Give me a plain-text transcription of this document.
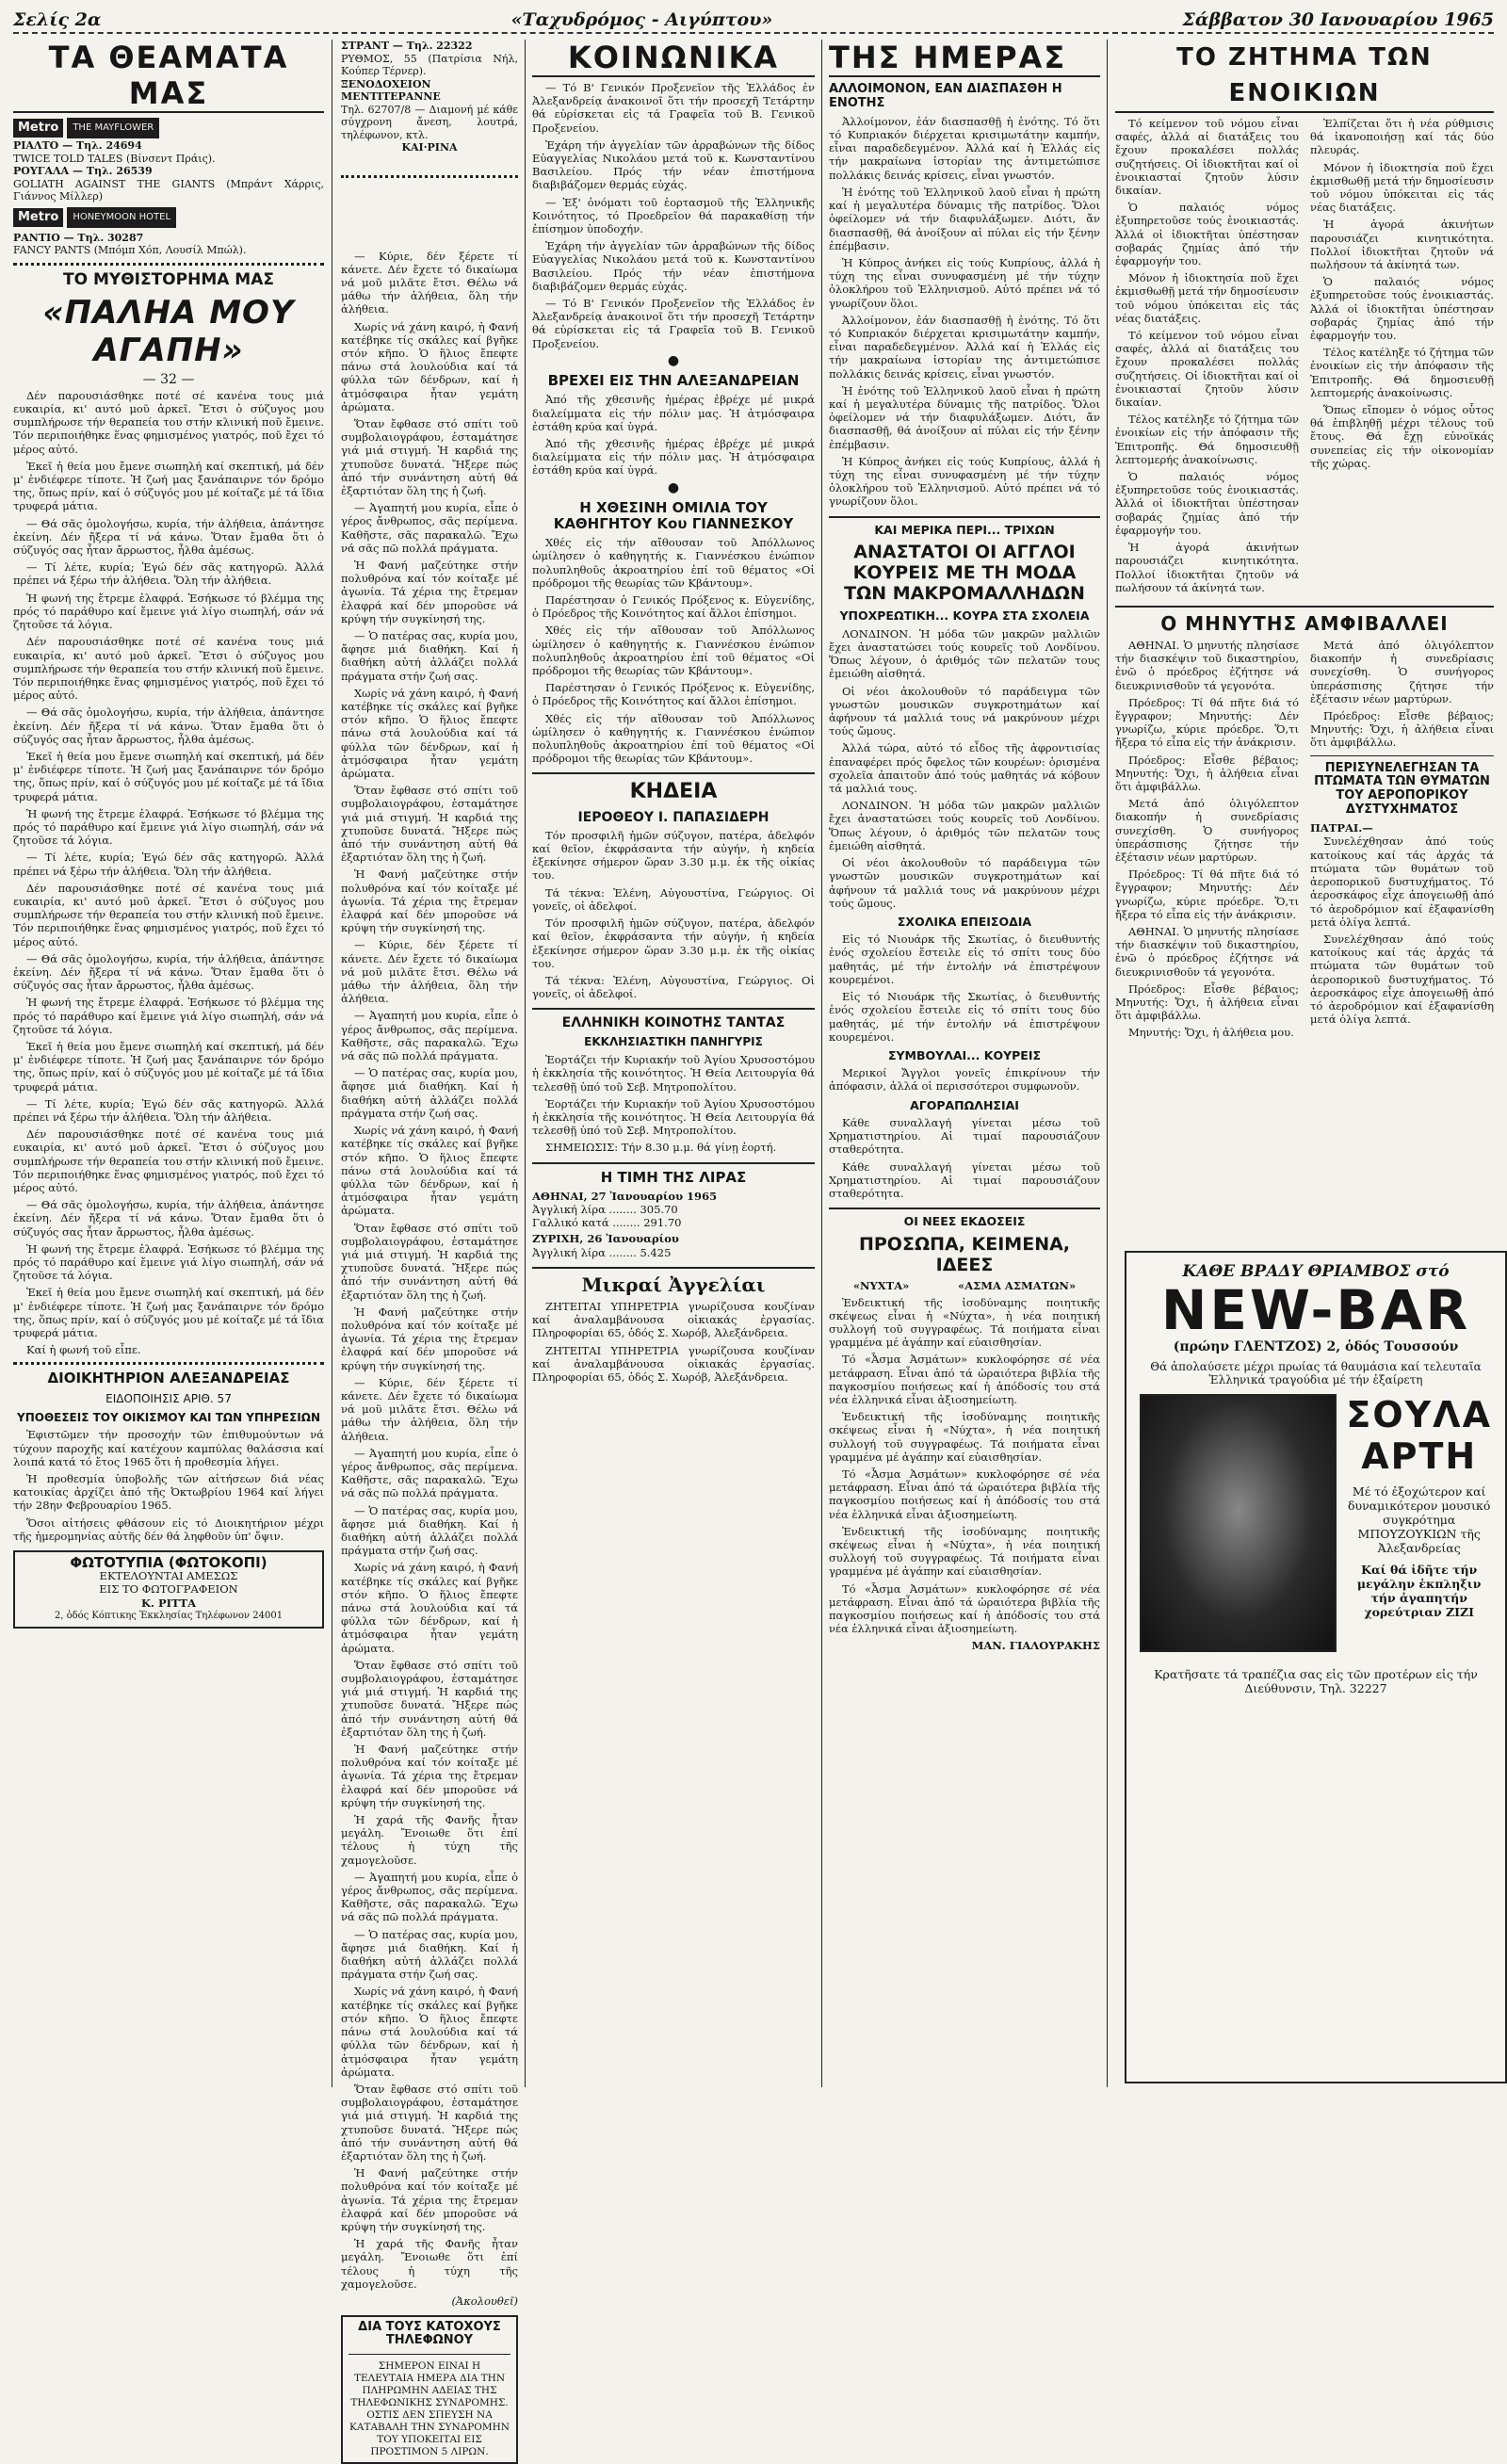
Σελίς 2α	«Ταχυδρόμος - Αιγύπτου»	Σάββατον 30 Ιανουαρίου 1965
ΤΑ ΘΕΑΜΑΤΑ ΜΑΣ
Metro	THE MAYFLOWER
ΡΙΑΛΤΟ — Τηλ. 24694
TWICE TOLD TALES (Βίνσεντ Πράις).
ΡΟΥΓΑΛΑ — Τηλ. 26539
GOLIATH AGAINST THE GIANTS (Μπράντ Χάρρις, Γιάννος Μίλλερ)
Metro	HONEYMOON HOTEL
ΡΑΝΤΙΟ — Τηλ. 30287
FANCY PANTS (Μπόμπ Χόπ, Λουσίλ Μπώλ).
ΤΟ ΜΥΘΙΣΤΟΡΗΜΑ ΜΑΣ
«ΠΑΛΗΑ ΜΟΥ ΑΓΑΠΗ»
— 32 —

Δέν παρουσιάσθηκε ποτέ σέ κανένα τους μιά ευκαιρία, κι' αυτό μοῦ ἀρκεῖ. Ἔτσι ὁ σύζυγος μου συμπλήρωσε τήν θεραπεία του στήν κλινική ποῦ ἔμεινε. Τόν περιποιήθηκε ἕνας φημισμένος γιατρός, ποῦ ἔχει τό μέρος αὐτό.

Ἐκεῖ ἡ θεία μου ἔμενε σιωπηλή καί σκεπτική, μά δέν μ' ἐνδιέφερε τίποτε. Ἡ ζωή μας ξανάπαιρνε τόν δρόμο της, ὅπως πρίν, καί ὁ σύζυγός μου μέ κοίταζε μέ τά ἴδια τρυφερά μάτια.

— Θά σᾶς ὁμολογήσω, κυρία, τήν ἀλήθεια, ἀπάντησε ἐκείνη. Δέν ἤξερα τί νά κάνω. Ὅταν ἔμαθα ὅτι ὁ σύζυγός σας ἦταν ἄρρωστος, ἦλθα ἀμέσως.

— Τί λέτε, κυρία; Ἐγώ δέν σᾶς κατηγορῶ. Ἀλλά πρέπει νά ξέρω τήν ἀλήθεια. Ὅλη τήν ἀλήθεια.

Ἡ φωνή της ἔτρεμε ἐλαφρά. Ἐσήκωσε τό βλέμμα της πρός τό παράθυρο καί ἔμεινε γιά λίγο σιωπηλή, σάν νά ζητοῦσε τά λόγια.

Δέν παρουσιάσθηκε ποτέ σέ κανένα τους μιά ευκαιρία, κι' αυτό μοῦ ἀρκεῖ. Ἔτσι ὁ σύζυγος μου συμπλήρωσε τήν θεραπεία του στήν κλινική ποῦ ἔμεινε. Τόν περιποιήθηκε ἕνας φημισμένος γιατρός, ποῦ ἔχει τό μέρος αὐτό.

— Θά σᾶς ὁμολογήσω, κυρία, τήν ἀλήθεια, ἀπάντησε ἐκείνη. Δέν ἤξερα τί νά κάνω. Ὅταν ἔμαθα ὅτι ὁ σύζυγός σας ἦταν ἄρρωστος, ἦλθα ἀμέσως.

Ἐκεῖ ἡ θεία μου ἔμενε σιωπηλή καί σκεπτική, μά δέν μ' ἐνδιέφερε τίποτε. Ἡ ζωή μας ξανάπαιρνε τόν δρόμο της, ὅπως πρίν, καί ὁ σύζυγός μου μέ κοίταζε μέ τά ἴδια τρυφερά μάτια.

Ἡ φωνή της ἔτρεμε ἐλαφρά. Ἐσήκωσε τό βλέμμα της πρός τό παράθυρο καί ἔμεινε γιά λίγο σιωπηλή, σάν νά ζητοῦσε τά λόγια.

— Τί λέτε, κυρία; Ἐγώ δέν σᾶς κατηγορῶ. Ἀλλά πρέπει νά ξέρω τήν ἀλήθεια. Ὅλη τήν ἀλήθεια.

Δέν παρουσιάσθηκε ποτέ σέ κανένα τους μιά ευκαιρία, κι' αυτό μοῦ ἀρκεῖ. Ἔτσι ὁ σύζυγος μου συμπλήρωσε τήν θεραπεία του στήν κλινική ποῦ ἔμεινε. Τόν περιποιήθηκε ἕνας φημισμένος γιατρός, ποῦ ἔχει τό μέρος αὐτό.

— Θά σᾶς ὁμολογήσω, κυρία, τήν ἀλήθεια, ἀπάντησε ἐκείνη. Δέν ἤξερα τί νά κάνω. Ὅταν ἔμαθα ὅτι ὁ σύζυγός σας ἦταν ἄρρωστος, ἦλθα ἀμέσως.

Ἡ φωνή της ἔτρεμε ἐλαφρά. Ἐσήκωσε τό βλέμμα της πρός τό παράθυρο καί ἔμεινε γιά λίγο σιωπηλή, σάν νά ζητοῦσε τά λόγια.

Ἐκεῖ ἡ θεία μου ἔμενε σιωπηλή καί σκεπτική, μά δέν μ' ἐνδιέφερε τίποτε. Ἡ ζωή μας ξανάπαιρνε τόν δρόμο της, ὅπως πρίν, καί ὁ σύζυγός μου μέ κοίταζε μέ τά ἴδια τρυφερά μάτια.

— Τί λέτε, κυρία; Ἐγώ δέν σᾶς κατηγορῶ. Ἀλλά πρέπει νά ξέρω τήν ἀλήθεια. Ὅλη τήν ἀλήθεια.

Δέν παρουσιάσθηκε ποτέ σέ κανένα τους μιά ευκαιρία, κι' αυτό μοῦ ἀρκεῖ. Ἔτσι ὁ σύζυγος μου συμπλήρωσε τήν θεραπεία του στήν κλινική ποῦ ἔμεινε. Τόν περιποιήθηκε ἕνας φημισμένος γιατρός, ποῦ ἔχει τό μέρος αὐτό.

— Θά σᾶς ὁμολογήσω, κυρία, τήν ἀλήθεια, ἀπάντησε ἐκείνη. Δέν ἤξερα τί νά κάνω. Ὅταν ἔμαθα ὅτι ὁ σύζυγός σας ἦταν ἄρρωστος, ἦλθα ἀμέσως.

Ἡ φωνή της ἔτρεμε ἐλαφρά. Ἐσήκωσε τό βλέμμα της πρός τό παράθυρο καί ἔμεινε γιά λίγο σιωπηλή, σάν νά ζητοῦσε τά λόγια.

Ἐκεῖ ἡ θεία μου ἔμενε σιωπηλή καί σκεπτική, μά δέν μ' ἐνδιέφερε τίποτε. Ἡ ζωή μας ξανάπαιρνε τόν δρόμο της, ὅπως πρίν, καί ὁ σύζυγός μου μέ κοίταζε μέ τά ἴδια τρυφερά μάτια.

Καί ἡ φωνή τοῦ εἶπε.

ΔΙΟΙΚΗΤΗΡΙΟΝ ΑΛΕΞΑΝΔΡΕΙΑΣ
ΕΙΔΟΠΟΙΗΣΙΣ ΑΡΙΘ. 57
ΥΠΟΘΕΣΕΙΣ ΤΟΥ ΟΙΚΙΣΜΟΥ ΚΑΙ ΤΩΝ ΥΠΗΡΕΣΙΩΝ

Ἐφιστῶμεν τήν προσοχήν τῶν ἐπιθυμούντων νά τύχουν παροχῆς καί κατέχουν καμπύλας θαλάσσια καί λοιπά κατά τό ἔτος 1965 ὅτι ἡ προθεσμία λήγει.

Ἡ προθεσμία ὑποβολῆς τῶν αἰτήσεων διά νέας κατοικίας ἀρχίζει ἀπό τῆς Ὀκτωβρίου 1964 καί λήγει τήν 28ην Φεβρουαρίου 1965.

Ὅσοι αἰτήσεις φθάσουν εἰς τό Διοικητήριον μέχρι τῆς ἡμερομηνίας αὐτῆς δέν θά ληφθοῦν ὑπ' ὄψιν.

ΦΩΤΟΤΥΠΙΑ (ΦΩΤΟΚΟΠΙ)
ΕΚΤΕΛΟΥΝΤΑΙ ΑΜΕΣΩΣ
ΕΙΣ ΤΟ ΦΩΤΟΓΡΑΦΕΙΟΝ
Κ. ΡΙΤΤΑ
2, ὁδός Κόπτικης Ἐκκλησίας Τηλέφωνον 24001
ΣΤΡΑΝΤ — Τηλ. 22322
ΡΥΘΜΟΣ, 55 (Πατρίσια Νήλ, Κούπερ Τέρνερ).
ΞΕΝΟΔΟΧΕΙΟΝ ΜΕΝΤΙΤΕΡΑΝΝΕ
Τηλ. 62707/8 — Διαμονή μέ κάθε σύγχρονη ἄνεση, λουτρά, τηλέφωνον, κτλ.
ΚΑΙ·ΡΙΝΑ

— Κύριε, δέν ξέρετε τί κάνετε. Δέν ἔχετε τό δικαίωμα νά μοῦ μιλᾶτε ἔτσι. Θέλω νά μάθω τήν ἀλήθεια, ὅλη τήν ἀλήθεια.

Χωρίς νά χάνη καιρό, ἡ Φανή κατέβηκε τίς σκάλες καί βγῆκε στόν κῆπο. Ὁ ἥλιος ἔπεφτε πάνω στά λουλούδια καί τά φύλλα τῶν δένδρων, καί ἡ ἀτμόσφαιρα ἦταν γεμάτη ἀρώματα.

Ὅταν ἔφθασε στό σπίτι τοῦ συμβολαιογράφου, ἐσταμάτησε γιά μιά στιγμή. Ἡ καρδιά της χτυποῦσε δυνατά. Ἤξερε πώς ἀπό τήν συνάντηση αὐτή θά ἐξαρτιόταν ὅλη της ἡ ζωή.

— Ἀγαπητή μου κυρία, εἶπε ὁ γέρος ἄνθρωπος, σᾶς περίμενα. Καθῆστε, σᾶς παρακαλῶ. Ἔχω νά σᾶς πῶ πολλά πράγματα.

Ἡ Φανή μαζεύτηκε στήν πολυθρόνα καί τόν κοίταξε μέ ἀγωνία. Τά χέρια της ἔτρεμαν ἐλαφρά καί δέν μποροῦσε νά κρύψη τήν συγκίνησή της.

— Ὁ πατέρας σας, κυρία μου, ἄφησε μιά διαθήκη. Καί ἡ διαθήκη αὐτή ἀλλάζει πολλά πράγματα στήν ζωή σας.

Χωρίς νά χάνη καιρό, ἡ Φανή κατέβηκε τίς σκάλες καί βγῆκε στόν κῆπο. Ὁ ἥλιος ἔπεφτε πάνω στά λουλούδια καί τά φύλλα τῶν δένδρων, καί ἡ ἀτμόσφαιρα ἦταν γεμάτη ἀρώματα.

Ὅταν ἔφθασε στό σπίτι τοῦ συμβολαιογράφου, ἐσταμάτησε γιά μιά στιγμή. Ἡ καρδιά της χτυποῦσε δυνατά. Ἤξερε πώς ἀπό τήν συνάντηση αὐτή θά ἐξαρτιόταν ὅλη της ἡ ζωή.

Ἡ Φανή μαζεύτηκε στήν πολυθρόνα καί τόν κοίταξε μέ ἀγωνία. Τά χέρια της ἔτρεμαν ἐλαφρά καί δέν μποροῦσε νά κρύψη τήν συγκίνησή της.

— Κύριε, δέν ξέρετε τί κάνετε. Δέν ἔχετε τό δικαίωμα νά μοῦ μιλᾶτε ἔτσι. Θέλω νά μάθω τήν ἀλήθεια, ὅλη τήν ἀλήθεια.

— Ἀγαπητή μου κυρία, εἶπε ὁ γέρος ἄνθρωπος, σᾶς περίμενα. Καθῆστε, σᾶς παρακαλῶ. Ἔχω νά σᾶς πῶ πολλά πράγματα.

— Ὁ πατέρας σας, κυρία μου, ἄφησε μιά διαθήκη. Καί ἡ διαθήκη αὐτή ἀλλάζει πολλά πράγματα στήν ζωή σας.

Χωρίς νά χάνη καιρό, ἡ Φανή κατέβηκε τίς σκάλες καί βγῆκε στόν κῆπο. Ὁ ἥλιος ἔπεφτε πάνω στά λουλούδια καί τά φύλλα τῶν δένδρων, καί ἡ ἀτμόσφαιρα ἦταν γεμάτη ἀρώματα.

Ὅταν ἔφθασε στό σπίτι τοῦ συμβολαιογράφου, ἐσταμάτησε γιά μιά στιγμή. Ἡ καρδιά της χτυποῦσε δυνατά. Ἤξερε πώς ἀπό τήν συνάντηση αὐτή θά ἐξαρτιόταν ὅλη της ἡ ζωή.

Ἡ Φανή μαζεύτηκε στήν πολυθρόνα καί τόν κοίταξε μέ ἀγωνία. Τά χέρια της ἔτρεμαν ἐλαφρά καί δέν μποροῦσε νά κρύψη τήν συγκίνησή της.

— Κύριε, δέν ξέρετε τί κάνετε. Δέν ἔχετε τό δικαίωμα νά μοῦ μιλᾶτε ἔτσι. Θέλω νά μάθω τήν ἀλήθεια, ὅλη τήν ἀλήθεια.

— Ἀγαπητή μου κυρία, εἶπε ὁ γέρος ἄνθρωπος, σᾶς περίμενα. Καθῆστε, σᾶς παρακαλῶ. Ἔχω νά σᾶς πῶ πολλά πράγματα.

— Ὁ πατέρας σας, κυρία μου, ἄφησε μιά διαθήκη. Καί ἡ διαθήκη αὐτή ἀλλάζει πολλά πράγματα στήν ζωή σας.

Χωρίς νά χάνη καιρό, ἡ Φανή κατέβηκε τίς σκάλες καί βγῆκε στόν κῆπο. Ὁ ἥλιος ἔπεφτε πάνω στά λουλούδια καί τά φύλλα τῶν δένδρων, καί ἡ ἀτμόσφαιρα ἦταν γεμάτη ἀρώματα.

Ὅταν ἔφθασε στό σπίτι τοῦ συμβολαιογράφου, ἐσταμάτησε γιά μιά στιγμή. Ἡ καρδιά της χτυποῦσε δυνατά. Ἤξερε πώς ἀπό τήν συνάντηση αὐτή θά ἐξαρτιόταν ὅλη της ἡ ζωή.

Ἡ Φανή μαζεύτηκε στήν πολυθρόνα καί τόν κοίταξε μέ ἀγωνία. Τά χέρια της ἔτρεμαν ἐλαφρά καί δέν μποροῦσε νά κρύψη τήν συγκίνησή της.

Ἡ χαρά τῆς Φανῆς ἦταν μεγάλη. Ἔνοιωθε ὅτι ἐπί τέλους ἡ τύχη τῆς χαμογελοῦσε.

— Ἀγαπητή μου κυρία, εἶπε ὁ γέρος ἄνθρωπος, σᾶς περίμενα. Καθῆστε, σᾶς παρακαλῶ. Ἔχω νά σᾶς πῶ πολλά πράγματα.

— Ὁ πατέρας σας, κυρία μου, ἄφησε μιά διαθήκη. Καί ἡ διαθήκη αὐτή ἀλλάζει πολλά πράγματα στήν ζωή σας.

Χωρίς νά χάνη καιρό, ἡ Φανή κατέβηκε τίς σκάλες καί βγῆκε στόν κῆπο. Ὁ ἥλιος ἔπεφτε πάνω στά λουλούδια καί τά φύλλα τῶν δένδρων, καί ἡ ἀτμόσφαιρα ἦταν γεμάτη ἀρώματα.

Ὅταν ἔφθασε στό σπίτι τοῦ συμβολαιογράφου, ἐσταμάτησε γιά μιά στιγμή. Ἡ καρδιά της χτυποῦσε δυνατά. Ἤξερε πώς ἀπό τήν συνάντηση αὐτή θά ἐξαρτιόταν ὅλη της ἡ ζωή.

Ἡ Φανή μαζεύτηκε στήν πολυθρόνα καί τόν κοίταξε μέ ἀγωνία. Τά χέρια της ἔτρεμαν ἐλαφρά καί δέν μποροῦσε νά κρύψη τήν συγκίνησή της.

Ἡ χαρά τῆς Φανῆς ἦταν μεγάλη. Ἔνοιωθε ὅτι ἐπί τέλους ἡ τύχη τῆς χαμογελοῦσε.

(Ἀκολουθεῖ)
ΔΙΑ ΤΟΥΣ ΚΑΤΟΧΟΥΣ ΤΗΛΕΦΩΝΟΥ
ΣΗΜΕΡΟΝ ΕΙΝΑΙ Η ΤΕΛΕΥΤΑΙΑ ΗΜΕΡΑ ΔΙΑ ΤΗΝ ΠΛΗΡΩΜΗΝ ΑΔΕΙΑΣ ΤΗΣ ΤΗΛΕΦΩΝΙΚΗΣ ΣΥΝΔΡΟΜΗΣ. ΟΣΤΙΣ ΔΕΝ ΣΠΕΥΣΗ ΝΑ ΚΑΤΑΒΑΛΗ ΤΗΝ ΣΥΝΔΡΟΜΗΝ ΤΟΥ ΥΠΟΚΕΙΤΑΙ ΕΙΣ ΠΡΟΣΤΙΜΟΝ 5 ΛΙΡΩΝ.
ΚΟΙΝΩΝΙΚΑ

— Τό Β' Γενικόν Προξενεῖον τῆς Ἑλλάδος ἐν Ἀλεξανδρείᾳ ἀνακοινοῖ ὅτι τήν προσεχῆ Τετάρτην θά εὑρίσκεται εἰς τά Γραφεῖα τοῦ Β. Γενικοῦ Προξενείου.

Ἐχάρη τήν ἀγγελίαν τῶν ἀρραβώνων τῆς δίδος Εὐαγγελίας Νικολάου μετά τοῦ κ. Κωνσταντίνου Βασιλείου. Πρός τήν νέαν ἐπιστήμονα διαβιβάζομεν θερμάς εὐχάς.

— Ἐξ' ὀνόματι τοῦ ἑορτασμοῦ τῆς Ἑλληνικῆς Κοινότητος, τό Προεδρεῖον θά παρακαθίσῃ τήν ἐπίσημον ὑποδοχήν.

Ἐχάρη τήν ἀγγελίαν τῶν ἀρραβώνων τῆς δίδος Εὐαγγελίας Νικολάου μετά τοῦ κ. Κωνσταντίνου Βασιλείου. Πρός τήν νέαν ἐπιστήμονα διαβιβάζομεν θερμάς εὐχάς.

— Τό Β' Γενικόν Προξενεῖον τῆς Ἑλλάδος ἐν Ἀλεξανδρείᾳ ἀνακοινοῖ ὅτι τήν προσεχῆ Τετάρτην θά εὑρίσκεται εἰς τά Γραφεῖα τοῦ Β. Γενικοῦ Προξενείου.

●
ΒΡΕΧΕΙ ΕΙΣ ΤΗΝ ΑΛΕΞΑΝΔΡΕΙΑΝ

Ἀπό τῆς χθεσινῆς ἡμέρας ἐβρέχε μέ μικρά διαλείμματα εἰς τήν πόλιν μας. Ἡ ἀτμόσφαιρα ἐστάθη κρύα καί ὑγρά.

Ἀπό τῆς χθεσινῆς ἡμέρας ἐβρέχε μέ μικρά διαλείμματα εἰς τήν πόλιν μας. Ἡ ἀτμόσφαιρα ἐστάθη κρύα καί ὑγρά.

●
Η ΧΘΕΣΙΝΗ ΟΜΙΛΙΑ ΤΟΥ ΚΑΘΗΓΗΤΟΥ Κου ΓΙΑΝΝΕΣΚΟΥ

Χθές εἰς τήν αἴθουσαν τοῦ Ἀπόλλωνος ὡμίλησεν ὁ καθηγητής κ. Γιαννέσκου ἐνώπιον πολυπληθοῦς ἀκροατηρίου ἐπί τοῦ θέματος «Οἱ πρόδρομοι τῆς θεωρίας τῶν Κβάντουμ».

Παρέστησαν ὁ Γενικός Πρόξενος κ. Εὐγενίδης, ὁ Πρόεδρος τῆς Κοινότητος καί ἄλλοι ἐπίσημοι.

Χθές εἰς τήν αἴθουσαν τοῦ Ἀπόλλωνος ὡμίλησεν ὁ καθηγητής κ. Γιαννέσκου ἐνώπιον πολυπληθοῦς ἀκροατηρίου ἐπί τοῦ θέματος «Οἱ πρόδρομοι τῆς θεωρίας τῶν Κβάντουμ».

Παρέστησαν ὁ Γενικός Πρόξενος κ. Εὐγενίδης, ὁ Πρόεδρος τῆς Κοινότητος καί ἄλλοι ἐπίσημοι.

Χθές εἰς τήν αἴθουσαν τοῦ Ἀπόλλωνος ὡμίλησεν ὁ καθηγητής κ. Γιαννέσκου ἐνώπιον πολυπληθοῦς ἀκροατηρίου ἐπί τοῦ θέματος «Οἱ πρόδρομοι τῆς θεωρίας τῶν Κβάντουμ».

ΚΗΔΕΙΑ
ΙΕΡΟΘΕΟΥ Ι. ΠΑΠΑΣΙΔΕΡΗ

Τόν προσφιλῆ ἡμῶν σύζυγον, πατέρα, ἀδελφόν καί θεῖον, ἐκφράσαντα τήν αὐγήν, ἡ κηδεία ἐξεκίνησε σήμερον ὥραν 3.30 μ.μ. ἐκ τῆς οἰκίας του.

Τά τέκνα: Ἑλένη, Αὐγουστίνα, Γεώργιος. Οἱ γονεῖς, οἱ ἀδελφοί.

Τόν προσφιλῆ ἡμῶν σύζυγον, πατέρα, ἀδελφόν καί θεῖον, ἐκφράσαντα τήν αὐγήν, ἡ κηδεία ἐξεκίνησε σήμερον ὥραν 3.30 μ.μ. ἐκ τῆς οἰκίας του.

Τά τέκνα: Ἑλένη, Αὐγουστίνα, Γεώργιος. Οἱ γονεῖς, οἱ ἀδελφοί.

ΕΛΛΗΝΙΚΗ ΚΟΙΝΟΤΗΣ ΤΑΝΤΑΣ
ΕΚΚΛΗΣΙΑΣΤΙΚΗ ΠΑΝΗΓΥΡΙΣ

Ἐορτάζει τήν Κυριακήν τοῦ Ἀγίου Χρυσοστόμου ἡ ἐκκλησία τῆς κοινότητος. Ἡ Θεία Λειτουργία θά τελεσθῇ ὑπό τοῦ Σεβ. Μητροπολίτου.

Ἐορτάζει τήν Κυριακήν τοῦ Ἀγίου Χρυσοστόμου ἡ ἐκκλησία τῆς κοινότητος. Ἡ Θεία Λειτουργία θά τελεσθῇ ὑπό τοῦ Σεβ. Μητροπολίτου.

ΣΗΜΕΙΩΣΙΣ: Τήν 8.30 μ.μ. θά γίνῃ ἑορτή.

Η ΤΙΜΗ ΤΗΣ ΛΙΡΑΣ
ΑΘΗΝΑΙ, 27 Ἰανουαρίου 1965
Ἀγγλική λίρα ........ 305.70
Γαλλικό κατά ........ 291.70
ΖΥΡΙΧΗ, 26 Ἰανουαρίου
Ἀγγλική λίρα ........ 5.425
Μικραί Ἀγγελίαι

ΖΗΤΕΙΤΑΙ ΥΠΗΡΕΤΡΙΑ γνωρίζουσα κουζίναν καί ἀναλαμβάνουσα οἰκιακάς ἐργασίας. Πληροφορίαι 65, ὁδός Σ. Χωρόβ, Ἀλεξάνδρεια.

ΖΗΤΕΙΤΑΙ ΥΠΗΡΕΤΡΙΑ γνωρίζουσα κουζίναν καί ἀναλαμβάνουσα οἰκιακάς ἐργασίας. Πληροφορίαι 65, ὁδός Σ. Χωρόβ, Ἀλεξάνδρεια.

ΤΗΣ ΗΜΕΡΑΣ
ΑΛΛΟΙΜΟΝΟΝ, ΕΑΝ ΔΙΑΣΠΑΣΘΗ Η ΕΝΟΤΗΣ

Ἀλλοίμονον, ἐάν διασπασθῇ ἡ ἑνότης. Τό ὅτι τό Κυπριακόν διέρχεται κρισιμωτάτην καμπήν, εἶναι παραδεδεγμένον. Ἀλλά καί ἡ Ἑλλάς εἰς τήν μακραίωνα ἱστορίαν της ἀντιμετώπισε πολλάκις δεινάς κρίσεις, εἶναι γνωστόν.

Ἡ ἑνότης τοῦ Ἑλληνικοῦ λαοῦ εἶναι ἡ πρώτη καί ἡ μεγαλυτέρα δύναμις τῆς πατρίδος. Ὅλοι ὁφείλομεν νά τήν διαφυλάξωμεν. Διότι, ἄν διασπασθῇ, θά ἀνοίξουν αἱ πύλαι εἰς τήν ξένην ἐπέμβασιν.

Ἡ Κύπρος ἀνήκει εἰς τούς Κυπρίους, ἀλλά ἡ τύχη της εἶναι συνυφασμένη μέ τήν τύχην ὁλοκλήρου τοῦ Ἑλληνισμοῦ. Αὐτό πρέπει νά τό γνωρίζουν ὅλοι.

Ἀλλοίμονον, ἐάν διασπασθῇ ἡ ἑνότης. Τό ὅτι τό Κυπριακόν διέρχεται κρισιμωτάτην καμπήν, εἶναι παραδεδεγμένον. Ἀλλά καί ἡ Ἑλλάς εἰς τήν μακραίωνα ἱστορίαν της ἀντιμετώπισε πολλάκις δεινάς κρίσεις, εἶναι γνωστόν.

Ἡ ἑνότης τοῦ Ἑλληνικοῦ λαοῦ εἶναι ἡ πρώτη καί ἡ μεγαλυτέρα δύναμις τῆς πατρίδος. Ὅλοι ὁφείλομεν νά τήν διαφυλάξωμεν. Διότι, ἄν διασπασθῇ, θά ἀνοίξουν αἱ πύλαι εἰς τήν ξένην ἐπέμβασιν.

Ἡ Κύπρος ἀνήκει εἰς τούς Κυπρίους, ἀλλά ἡ τύχη της εἶναι συνυφασμένη μέ τήν τύχην ὁλοκλήρου τοῦ Ἑλληνισμοῦ. Αὐτό πρέπει νά τό γνωρίζουν ὅλοι.

ΚΑΙ ΜΕΡΙΚΑ ΠΕΡΙ... ΤΡΙΧΩΝ
ΑΝΑΣΤΑΤΟΙ ΟΙ ΑΓΓΛΟΙ ΚΟΥΡΕΙΣ ΜΕ ΤΗ ΜΟΔΑ ΤΩΝ ΜΑΚΡΟΜΑΛΛΗΔΩΝ
ΥΠΟΧΡΕΩΤΙΚΗ... ΚΟΥΡΑ ΣΤΑ ΣΧΟΛΕΙΑ

ΛΟΝΔΙΝΟΝ. Ἡ μόδα τῶν μακρῶν μαλλιῶν ἔχει ἀναστατώσει τούς κουρεῖς τοῦ Λονδίνου. Ὅπως λέγουν, ὁ ἀριθμός τῶν πελατῶν τους ἐμειώθη αἰσθητά.

Οἱ νέοι ἀκολουθοῦν τό παράδειγμα τῶν γνωστῶν μουσικῶν συγκροτημάτων καί ἀφήνουν τά μαλλιά τους νά μακρύνουν μέχρι τούς ὤμους.

Ἀλλά τώρα, αὐτό τό εἶδος τῆς ἀφροντισίας ἐπαναφέρει πρός ὄφελος τῶν κουρέων: ὁρισμένα σχολεῖα ἀπαιτοῦν ἀπό τούς μαθητάς νά κόβουν τά μαλλιά τους.

ΛΟΝΔΙΝΟΝ. Ἡ μόδα τῶν μακρῶν μαλλιῶν ἔχει ἀναστατώσει τούς κουρεῖς τοῦ Λονδίνου. Ὅπως λέγουν, ὁ ἀριθμός τῶν πελατῶν τους ἐμειώθη αἰσθητά.

Οἱ νέοι ἀκολουθοῦν τό παράδειγμα τῶν γνωστῶν μουσικῶν συγκροτημάτων καί ἀφήνουν τά μαλλιά τους νά μακρύνουν μέχρι τούς ὤμους.

ΣΧΟΛΙΚΑ ΕΠΕΙΣΟΔΙΑ

Εἰς τό Νιουάρκ τῆς Σκωτίας, ὁ διευθυντής ἑνός σχολείου ἔστειλε εἰς τό σπίτι τους δύο μαθητάς, μέ τήν ἐντολήν νά ἐπιστρέψουν κουρεμένοι.

Εἰς τό Νιουάρκ τῆς Σκωτίας, ὁ διευθυντής ἑνός σχολείου ἔστειλε εἰς τό σπίτι τους δύο μαθητάς, μέ τήν ἐντολήν νά ἐπιστρέψουν κουρεμένοι.

ΣΥΜΒΟΥΛΑΙ... ΚΟΥΡΕΙΣ

Μερικοί Ἄγγλοι γονεῖς ἐπικρίνουν τήν ἀπόφασιν, ἀλλά οἱ περισσότεροι συμφωνοῦν.

ΑΓΟΡΑΠΩΛΗΣΙΑΙ

Κάθε συναλλαγή γίνεται μέσω τοῦ Χρηματιστηρίου. Αἱ τιμαί παρουσιάζουν σταθερότητα.

Κάθε συναλλαγή γίνεται μέσω τοῦ Χρηματιστηρίου. Αἱ τιμαί παρουσιάζουν σταθερότητα.

ΟΙ ΝΕΕΣ ΕΚΔΟΣΕΙΣ
ΠΡΟΣΩΠΑ, ΚΕΙΜΕΝΑ, ΙΔΕΕΣ
«ΝΥΧΤΑ»	«ΑΣΜΑ ΑΣΜΑΤΩΝ»

Ἐνδεικτική τῆς ἰσοδύναμης ποιητικῆς σκέψεως εἶναι ἡ «Νύχτα», ἡ νέα ποιητική συλλογή τοῦ συγγραφέως. Τά ποιήματα εἶναι γραμμένα μέ ἀγάπην καί εὐαισθησίαν.

Τό «Ἆσμα Ἀσμάτων» κυκλοφόρησε σέ νέα μετάφραση. Εἶναι ἀπό τά ὡραιότερα βιβλία τῆς παγκοσμίου ποιήσεως καί ἡ ἀπόδοσίς του στά νέα ἑλληνικά εἶναι ἀξιοσημείωτη.

Ἐνδεικτική τῆς ἰσοδύναμης ποιητικῆς σκέψεως εἶναι ἡ «Νύχτα», ἡ νέα ποιητική συλλογή τοῦ συγγραφέως. Τά ποιήματα εἶναι γραμμένα μέ ἀγάπην καί εὐαισθησίαν.

Τό «Ἆσμα Ἀσμάτων» κυκλοφόρησε σέ νέα μετάφραση. Εἶναι ἀπό τά ὡραιότερα βιβλία τῆς παγκοσμίου ποιήσεως καί ἡ ἀπόδοσίς του στά νέα ἑλληνικά εἶναι ἀξιοσημείωτη.

Ἐνδεικτική τῆς ἰσοδύναμης ποιητικῆς σκέψεως εἶναι ἡ «Νύχτα», ἡ νέα ποιητική συλλογή τοῦ συγγραφέως. Τά ποιήματα εἶναι γραμμένα μέ ἀγάπην καί εὐαισθησίαν.

Τό «Ἆσμα Ἀσμάτων» κυκλοφόρησε σέ νέα μετάφραση. Εἶναι ἀπό τά ὡραιότερα βιβλία τῆς παγκοσμίου ποιήσεως καί ἡ ἀπόδοσίς του στά νέα ἑλληνικά εἶναι ἀξιοσημείωτη.

ΜΑΝ. ΓΙΑΛΟΥΡΑΚΗΣ
ΤΟ ΖΗΤΗΜΑ ΤΩΝ ΕΝΟΙΚΙΩΝ

Τό κείμενον τοῦ νόμου εἶναι σαφές, ἀλλά αἱ διατάξεις του ἔχουν προκαλέσει πολλάς συζητήσεις. Οἱ ἰδιοκτῆται καί οἱ ἐνοικιασταί ζητοῦν λύσιν δικαίαν.

Ὁ παλαιός νόμος ἐξυπηρετοῦσε τούς ἐνοικιαστάς. Ἀλλά οἱ ἰδιοκτῆται ὑπέστησαν σοβαράς ζημίας ἀπό τήν ἐφαρμογήν του.

Μόνον ἡ ἰδιοκτησία ποῦ ἔχει ἐκμισθωθῇ μετά τήν δημοσίευσιν τοῦ νόμου ὑπόκειται εἰς τάς νέας διατάξεις.

Τό κείμενον τοῦ νόμου εἶναι σαφές, ἀλλά αἱ διατάξεις του ἔχουν προκαλέσει πολλάς συζητήσεις. Οἱ ἰδιοκτῆται καί οἱ ἐνοικιασταί ζητοῦν λύσιν δικαίαν.

Τέλος κατέληξε τό ζήτημα τῶν ἐνοικίων εἰς τήν ἀπόφασιν τῆς Ἐπιτροπῆς. Θά δημοσιευθῇ λεπτομερής ἀνακοίνωσις.

Ὁ παλαιός νόμος ἐξυπηρετοῦσε τούς ἐνοικιαστάς. Ἀλλά οἱ ἰδιοκτῆται ὑπέστησαν σοβαράς ζημίας ἀπό τήν ἐφαρμογήν του.

Ἡ ἀγορά ἀκινήτων παρουσιάζει κινητικότητα. Πολλοί ἰδιοκτῆται ζητοῦν νά πωλήσουν τά ἀκίνητά των.

Ἐλπίζεται ὅτι ἡ νέα ρύθμισις θά ἱκανοποιήσῃ καί τάς δύο πλευράς.

Μόνον ἡ ἰδιοκτησία ποῦ ἔχει ἐκμισθωθῇ μετά τήν δημοσίευσιν τοῦ νόμου ὑπόκειται εἰς τάς νέας διατάξεις.

Ἡ ἀγορά ἀκινήτων παρουσιάζει κινητικότητα. Πολλοί ἰδιοκτῆται ζητοῦν νά πωλήσουν τά ἀκίνητά των.

Ὁ παλαιός νόμος ἐξυπηρετοῦσε τούς ἐνοικιαστάς. Ἀλλά οἱ ἰδιοκτῆται ὑπέστησαν σοβαράς ζημίας ἀπό τήν ἐφαρμογήν του.

Τέλος κατέληξε τό ζήτημα τῶν ἐνοικίων εἰς τήν ἀπόφασιν τῆς Ἐπιτροπῆς. Θά δημοσιευθῇ λεπτομερής ἀνακοίνωσις.

Ὅπως εἴπομεν ὁ νόμος οὗτος θά ἐπιβληθῇ μέχρι τέλους τοῦ ἔτους. Θά ἔχῃ εὐνοϊκάς συνεπείας εἰς τήν οἰκονομίαν τῆς χώρας.

Ο ΜΗΝΥΤΗΣ ΑΜΦΙΒΑΛΛΕΙ

ΑΘΗΝΑΙ. Ὁ μηνυτής πλησίασε τήν διασκέψιν τοῦ δικαστηρίου, ἐνῶ ὁ πρόεδρος ἐζήτησε νά διευκρινισθοῦν τά γεγονότα.

Πρόεδρος: Τί θά πῆτε διά τό ἔγγραφον; Μηνυτής: Δέν γνωρίζω, κύριε πρόεδρε. Ὅ,τι ἤξερα τό εἶπα εἰς τήν ἀνάκρισιν.

Πρόεδρος: Εἶσθε βέβαιος; Μηνυτής: Ὄχι, ἡ ἀλήθεια εἶναι ὅτι ἀμφιβάλλω.

Μετά ἀπό ὁλιγόλεπτον διακοπήν ἡ συνεδρίασις συνεχίσθη. Ὁ συνήγορος ὑπεράσπισης ζήτησε τήν ἐξέτασιν νέων μαρτύρων.

Πρόεδρος: Τί θά πῆτε διά τό ἔγγραφον; Μηνυτής: Δέν γνωρίζω, κύριε πρόεδρε. Ὅ,τι ἤξερα τό εἶπα εἰς τήν ἀνάκρισιν.

ΑΘΗΝΑΙ. Ὁ μηνυτής πλησίασε τήν διασκέψιν τοῦ δικαστηρίου, ἐνῶ ὁ πρόεδρος ἐζήτησε νά διευκρινισθοῦν τά γεγονότα.

Πρόεδρος: Εἶσθε βέβαιος; Μηνυτής: Ὄχι, ἡ ἀλήθεια εἶναι ὅτι ἀμφιβάλλω.

Μηνυτής: Ὄχι, ἡ ἀλήθεια μου.

Μετά ἀπό ὁλιγόλεπτον διακοπήν ἡ συνεδρίασις συνεχίσθη. Ὁ συνήγορος ὑπεράσπισης ζήτησε τήν ἐξέτασιν νέων μαρτύρων.

Πρόεδρος: Εἶσθε βέβαιος; Μηνυτής: Ὄχι, ἡ ἀλήθεια εἶναι ὅτι ἀμφιβάλλω.

ΠΕΡΙΣΥΝΕΛΕΓΗΣΑΝ ΤΑ ΠΤΩΜΑΤΑ ΤΩΝ ΘΥΜΑΤΩΝ ΤΟΥ ΑΕΡΟΠΟΡΙΚΟΥ ΔΥΣΤΥΧΗΜΑΤΟΣ
ΠΑΤΡΑΙ.—

Συνελέχθησαν ἀπό τούς κατοίκους καί τάς ἀρχάς τά πτώματα τῶν θυμάτων τοῦ ἀεροπορικοῦ δυστυχήματος. Τό ἀεροσκάφος εἶχε ἀπογειωθῇ ἀπό τό ἀεροδρόμιον καί ἐξαφανίσθη μετά ὀλίγα λεπτά.

Συνελέχθησαν ἀπό τούς κατοίκους καί τάς ἀρχάς τά πτώματα τῶν θυμάτων τοῦ ἀεροπορικοῦ δυστυχήματος. Τό ἀεροσκάφος εἶχε ἀπογειωθῇ ἀπό τό ἀεροδρόμιον καί ἐξαφανίσθη μετά ὀλίγα λεπτά.

ΚΑΘΕ ΒΡΑΔΥ ΘΡΙΑΜΒΟΣ στό
NEW-BAR
(πρώην ΓΛΕΝΤΖΟΣ) 2, ὁδός Τουσσούν
Θά ἀπολαύσετε μέχρι πρωίας τά θαυμάσια καί τελευταῖα Ἑλληνικά τραγούδια μέ τήν ἐξαίρετη
ΣΟΥΛΑ ΑΡΤΗ
Μέ τό ἐξοχώτερον καί δυναμικότερον μουσικό συγκρότημα ΜΠΟΥΖΟΥΚΙΩΝ τῆς Ἀλεξανδρείας
Καί θά ἰδῆτε τήν μεγάλην ἐκπληξιν τήν ἀγαπητήν χορεύτριαν ΖΙΖΙ
Κρατῆσατε τά τραπέζια σας εἰς τῶν προτέρων εἰς τήν Διεύθυνσιν, Τηλ. 32227
